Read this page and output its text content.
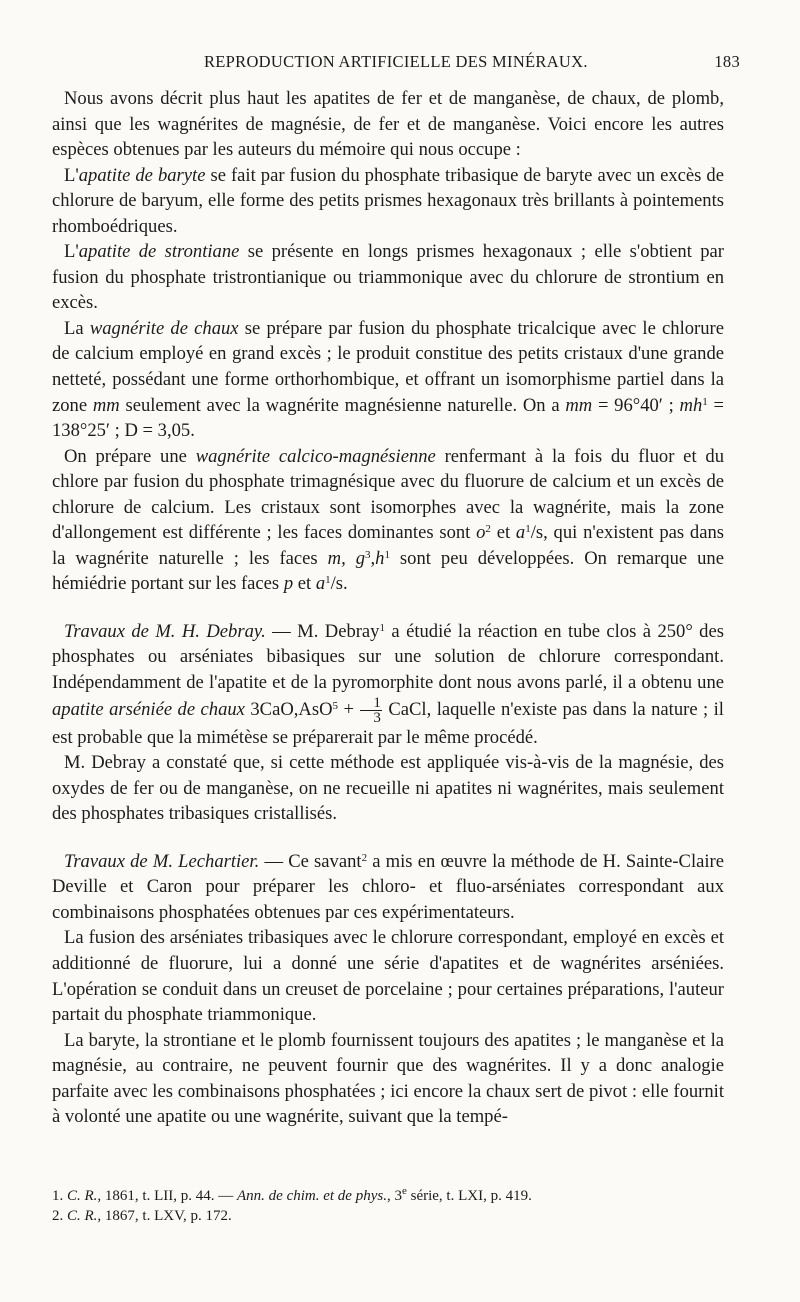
REPRODUCTION ARTIFICIELLE DES MINÉRAUX.	183

Nous avons décrit plus haut les apatites de fer et de manganèse, de chaux, de plomb, ainsi que les wagnérites de magnésie, de fer et de manganèse. Voici encore les autres espèces obtenues par les auteurs du mémoire qui nous occupe :

L'apatite de baryte se fait par fusion du phosphate tribasique de baryte avec un excès de chlorure de baryum, elle forme des petits prismes hexagonaux très brillants à pointements rhomboédriques.

L'apatite de strontiane se présente en longs prismes hexagonaux ; elle s'obtient par fusion du phosphate tristrontianique ou triammonique avec du chlorure de strontium en excès.

La wagnérite de chaux se prépare par fusion du phosphate tricalcique avec le chlorure de calcium employé en grand excès ; le produit constitue des petits cristaux d'une grande netteté, possédant une forme orthorhombique, et offrant un isomorphisme partiel dans la zone mm seulement avec la wagnérite magnésienne naturelle. On a mm = 96°40′ ; $mh^1 = 138^\circ 25'$ ; D = 3,05.

On prépare une wagnérite calcico-magnésienne renfermant à la fois du fluor et du chlore par fusion du phosphate trimagnésique avec du fluorure de calcium et un excès de chlorure de calcium. Les cristaux sont isomorphes avec la wagnérite, mais la zone d'allongement est différente ; les faces dominantes sont $o^2$ et $a^1/s$, qui n'existent pas dans la wagnérite naturelle ; les faces m, $g^3,h^1$ sont peu développées. On remarque une hémiédrie portant sur les faces p et $a^1/s$.

Travaux de M. H. Debray. — M. Debray$^1$ a étudié la réaction en tube clos à 250° des phosphates ou arséniates bibasiques sur une solution de chlorure correspondant. Indépendamment de l'apatite et de la pyromorphite dont nous avons parlé, il a obtenu une apatite arséniée de chaux $3CaO,AsO^5 + \frac{1}{3}$ CaCl, laquelle n'existe pas dans la nature ; il est probable que la mimétèse se préparerait par le même procédé.

M. Debray a constaté que, si cette méthode est appliquée vis-à-vis de la magnésie, des oxydes de fer ou de manganèse, on ne recueille ni apatites ni wagnérites, mais seulement des phosphates tribasiques cristallisés.

Travaux de M. Lechartier. — Ce savant$^2$ a mis en œuvre la méthode de H. Sainte-Claire Deville et Caron pour préparer les chloro- et fluo-arséniates correspondant aux combinaisons phosphatées obtenues par ces expérimentateurs.

La fusion des arséniates tribasiques avec le chlorure correspondant, employé en excès et additionné de fluorure, lui a donné une série d'apatites et de wagnérites arséniées. L'opération se conduit dans un creuset de porcelaine ; pour certaines préparations, l'auteur partait du phosphate triammonique.

La baryte, la strontiane et le plomb fournissent toujours des apatites ; le manganèse et la magnésie, au contraire, ne peuvent fournir que des wagnérites. Il y a donc analogie parfaite avec les combinaisons phosphatées ; ici encore la chaux sert de pivot : elle fournit à volonté une apatite ou une wagnérite, suivant que la tempé-

1. C. R., 1861, t. LII, p. 44. — Ann. de chim. et de phys., 3e série, t. LXI, p. 419.
2. C. R., 1867, t. LXV, p. 172.
